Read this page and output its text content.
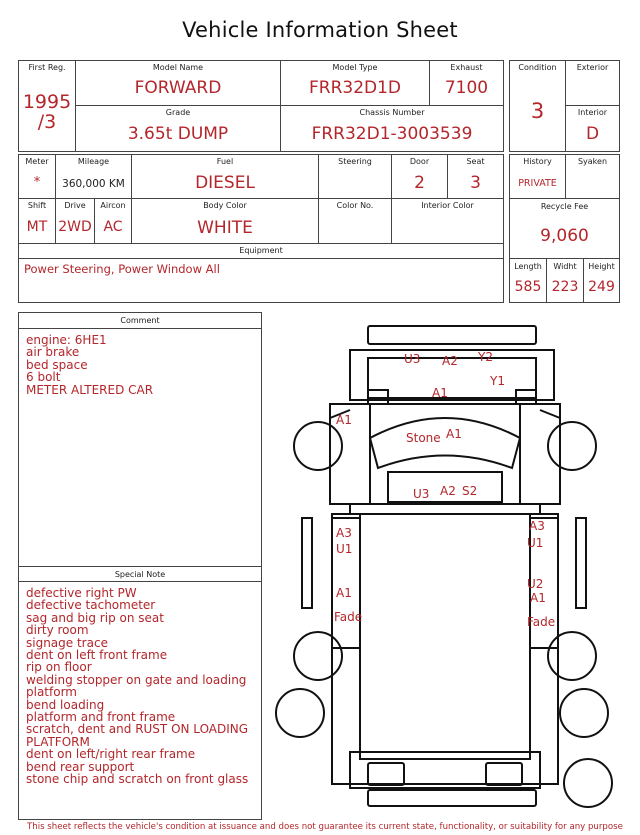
Vehicle Information Sheet
First Reg.
1995
/3
Model Name
FORWARD
Model Type
FRR32D1D
Exhaust
7100
Grade
3.65t DUMP
Chassis Number
FRR32D1-3003539
Condition
3
Exterior
Interior
D
Meter
*
Mileage
360,000 KM
Fuel
DIESEL
Steering	Door
2
Seat
3
Shift
MT
Drive
2WD
Aircon
AC
Body Color
WHITE
Color No.	Interior Color
Equipment
Power Steering, Power Window All
History
PRIVATE
Syaken
Recycle Fee
9,060
Length
585
Widht
223
Height
249
Comment
engine: 6HE1
air brake
bed space
6 bolt
METER ALTERED CAR
Special Note
defective right PW
defective tachometer
sag and big rip on seat
dirty room
signage trace
dent on left front frame
rip on floor
welding stopper on gate and loading
platform
bend loading
platform and front frame
scratch, dent and RUST ON LOADING
PLATFORM
dent on left/right rear frame
bend rear support
stone chip and scratch on front glass
U3 A2 Y2
Y1
A1
A1
Stone A1
U3 A2 S2
A3
U1
A1
Fade
A3
U1
U2
A1
Fade
This sheet reflects the vehicle's condition at issuance and does not guarantee its current state, functionality, or suitability for any purpose
